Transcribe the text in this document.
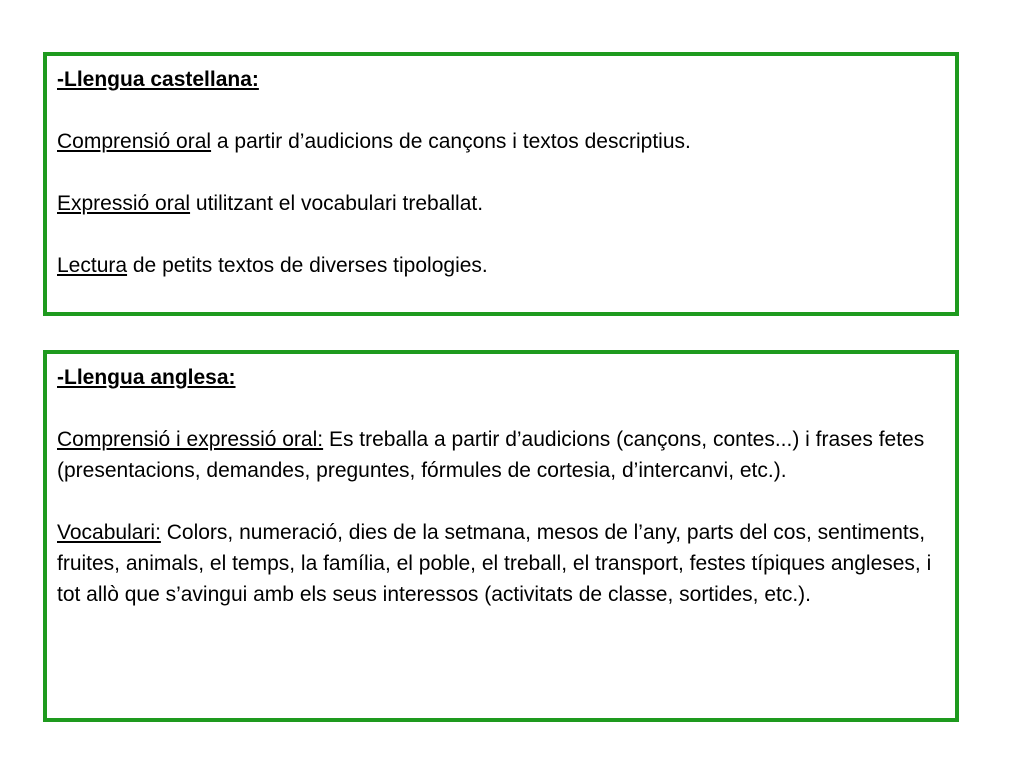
-Llengua castellana:

Comprensió oral a partir d’audicions de cançons i textos descriptius.

Expressió oral utilitzant el vocabulari treballat.

Lectura de petits textos de diverses tipologies.

-Llengua anglesa:

Comprensió i expressió oral: Es treballa a partir d’audicions (cançons, contes...) i frases fetes (presentacions, demandes, preguntes, fórmules de cortesia, d’intercanvi, etc.).

Vocabulari: Colors, numeració, dies de la setmana, mesos de l’any, parts del cos, sentiments, fruites, animals, el temps, la família, el poble, el treball, el transport, festes típiques angleses, i tot allò que s’avingui amb els seus interessos (activitats de classe, sortides, etc.).
